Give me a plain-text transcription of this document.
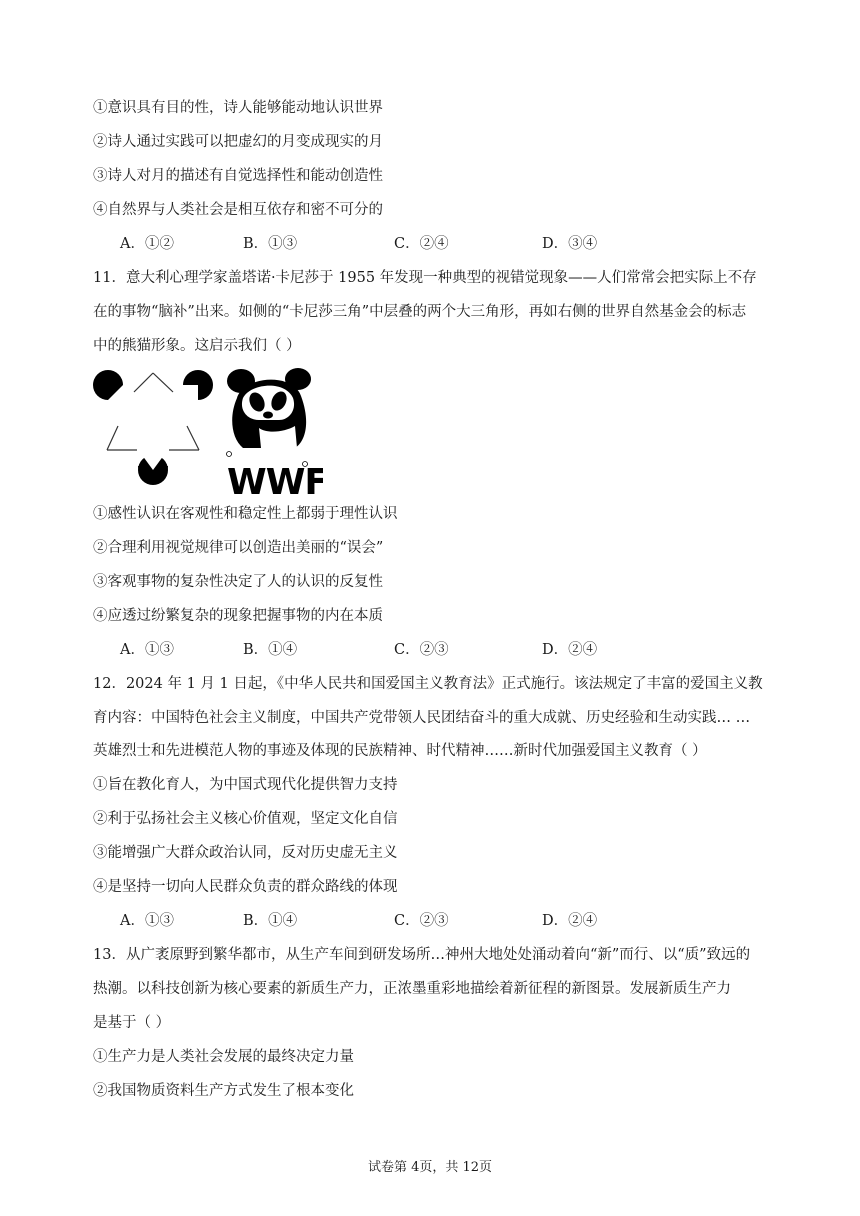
①意识具有目的性，诗人能够能动地认识世界
②诗人通过实践可以把虚幻的月变成现实的月
③诗人对月的描述有自觉选择性和能动创造性
④自然界与人类社会是相互依存和密不可分的
A．①②	B．①③	C．②④	D．③④
11．意大利心理学家盖塔诺·卡尼莎于 1955 年发现一种典型的视错觉现象——人们常常会把实际上不存
在的事物“脑补”出来。如侧的“卡尼莎三角”中层叠的两个大三角形，再如右侧的世界自然基金会的标志
中的熊猫形象。这启示我们（ ）
WWF
①感性认识在客观性和稳定性上都弱于理性认识
②合理利用视觉规律可以创造出美丽的“误会”
③客观事物的复杂性决定了人的认识的反复性
④应透过纷繁复杂的现象把握事物的内在本质
A．①③	B．①④	C．②③	D．②④
12．2024 年 1 月 1 日起，《中华人民共和国爱国主义教育法》正式施行。该法规定了丰富的爱国主义教
育内容：中国特色社会主义制度，中国共产党带领人民团结奋斗的重大成就、历史经验和生动实践… …
英雄烈士和先进模范人物的事迹及体现的民族精神、时代精神……新时代加强爱国主义教育（ ）
①旨在教化育人，为中国式现代化提供智力支持
②利于弘扬社会主义核心价值观，坚定文化自信
③能增强广大群众政治认同，反对历史虚无主义
④是坚持一切向人民群众负责的群众路线的体现
A．①③	B．①④	C．②③	D．②④
13．从广袤原野到繁华都市，从生产车间到研发场所…神州大地处处涌动着向“新”而行、以“质”致远的
热潮。以科技创新为核心要素的新质生产力，正浓墨重彩地描绘着新征程的新图景。发展新质生产力
是基于（ ）
①生产力是人类社会发展的最终决定力量
②我国物质资料生产方式发生了根本变化
试卷第 4页，共 12页
